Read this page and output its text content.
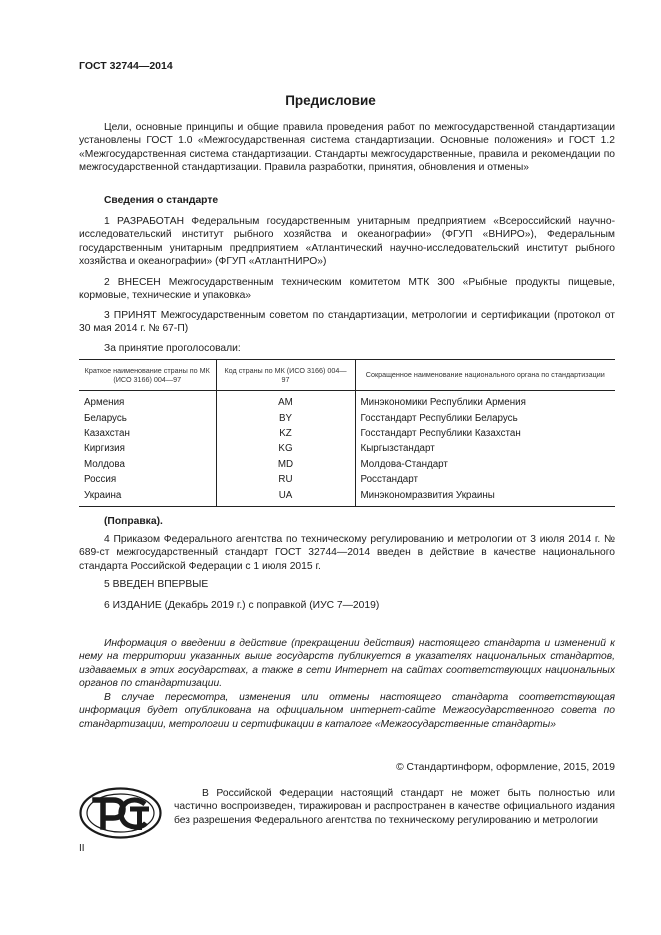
ГОСТ 32744—2014
Предисловие
Цели, основные принципы и общие правила проведения работ по межгосударственной стандартизации установлены ГОСТ 1.0 «Межгосударственная система стандартизации. Основные положения» и ГОСТ 1.2 «Межгосударственная система стандартизации. Стандарты межгосударственные, правила и рекомендации по межгосударственной стандартизации. Правила разработки, принятия, обновления и отмены»
Сведения о стандарте
1 РАЗРАБОТАН Федеральным государственным унитарным предприятием «Всероссийский научно-исследовательский институт рыбного хозяйства и океанографии» (ФГУП «ВНИРО»), Федеральным государственным унитарным предприятием «Атлантический научно-исследовательский институт рыбного хозяйства и океанографии» (ФГУП «АтлантНИРО»)
2 ВНЕСЕН Межгосударственным техническим комитетом МТК 300 «Рыбные продукты пищевые, кормовые, технические и упаковка»
3 ПРИНЯТ Межгосударственным советом по стандартизации, метрологии и сертификации (протокол от 30 мая 2014 г. № 67-П)
За принятие проголосовали:
Краткое наименование страны по МК (ИСО 3166) 004—97	Код страны по МК (ИСО 3166) 004—97	Сокращенное наименование национального органа по стандартизации
Армения	AM	Минэкономики Республики Армения
Беларусь	BY	Госстандарт Республики Беларусь
Казахстан	KZ	Госстандарт Республики Казахстан
Киргизия	KG	Кыргызстандарт
Молдова	MD	Молдова-Стандарт
Россия	RU	Росстандарт
Украина	UA	Минэкономразвития Украины
(Поправка).
4 Приказом Федерального агентства по техническому регулированию и метрологии от 3 июля 2014 г. № 689-ст межгосударственный стандарт ГОСТ 32744—2014 введен в действие в качестве национального стандарта Российской Федерации с 1 июля 2015 г.
5 ВВЕДЕН ВПЕРВЫЕ
6 ИЗДАНИЕ (Декабрь 2019 г.) с поправкой (ИУС 7—2019)
Информация о введении в действие (прекращении действия) настоящего стандарта и изменений к нему на территории указанных выше государств публикуется в указателях национальных стандартов, издаваемых в этих государствах, а также в сети Интернет на сайтах соответствующих национальных органов по стандартизации.
В случае пересмотра, изменения или отмены настоящего стандарта соответствующая информация будет опубликована на официальном интернет-сайте Межгосударственного совета по стандартизации, метрологии и сертификации в каталоге «Межгосударственные стандарты»
© Стандартинформ, оформление, 2015, 2019
В Российской Федерации настоящий стандарт не может быть полностью или частично воспроизведен, тиражирован и распространен в качестве официального издания без разрешения Федерального агентства по техническому регулированию и метрологии
II
